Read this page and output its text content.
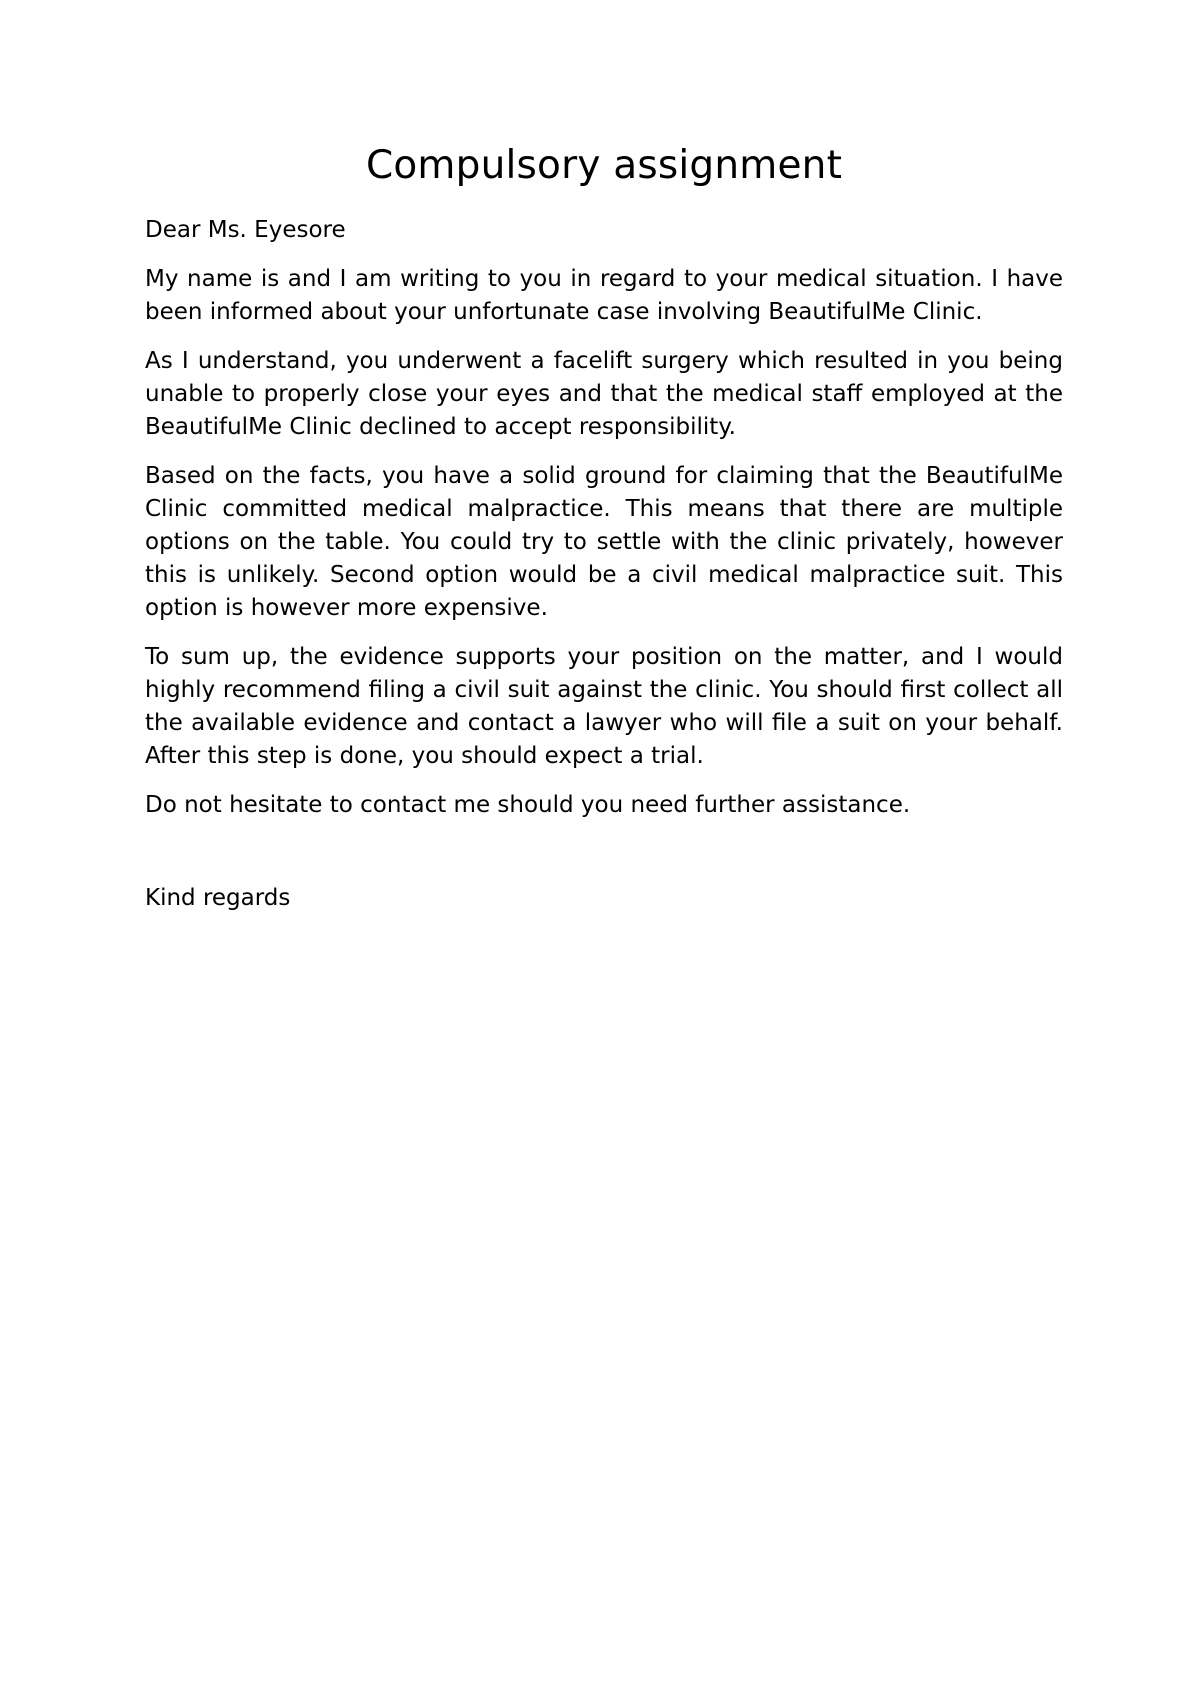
Compulsory assignment

Dear Ms. Eyesore

My name is and I am writing to you in regard to your medical situation. I have been informed about your unfortunate case involving BeautifulMe Clinic.

As I understand, you underwent a facelift surgery which resulted in you being unable to properly close your eyes and that the medical staff employed at the BeautifulMe Clinic declined to accept responsibility.

Based on the facts, you have a solid ground for claiming that the BeautifulMe Clinic committed medical malpractice. This means that there are multiple options on the table. You could try to settle with the clinic privately, however this is unlikely. Second option would be a civil medical malpractice suit. This option is however more expensive.

To sum up, the evidence supports your position on the matter, and I would highly recommend filing a civil suit against the clinic. You should first collect all the available evidence and contact a lawyer who will file a suit on your behalf. After this step is done, you should expect a trial.

Do not hesitate to contact me should you need further assistance.

Kind regards
